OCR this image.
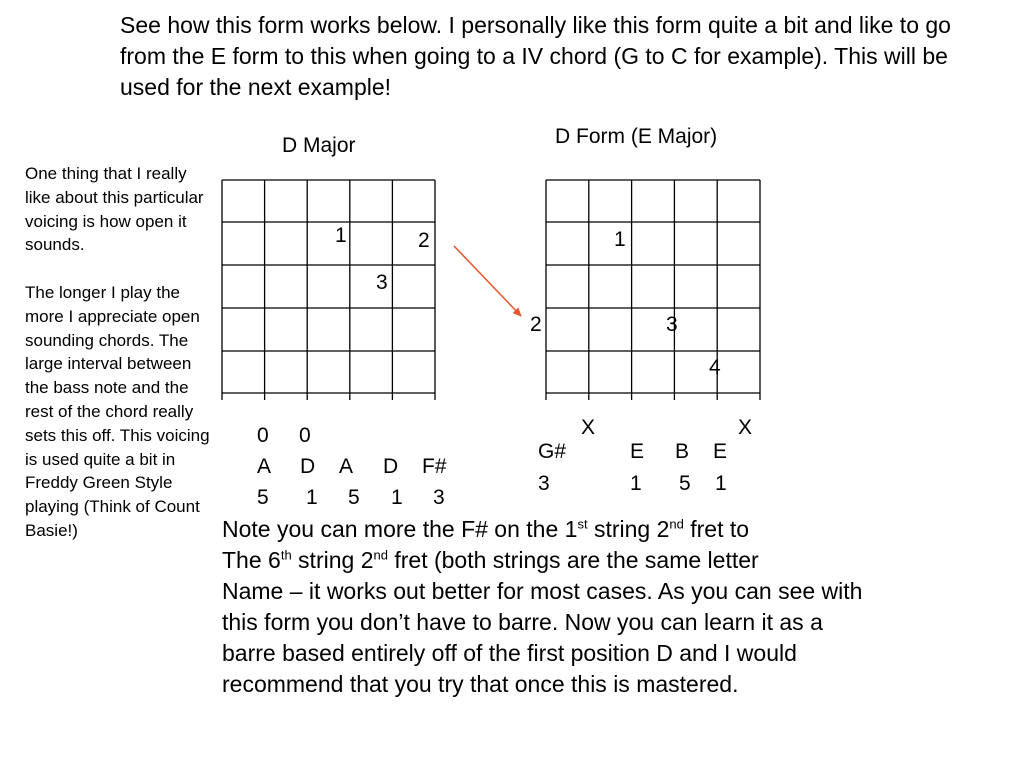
See how this form works below. I personally like this form quite a bit and like to go from the E form to this when going to a IV chord (G to C for example). This will be used for the next example!

One thing that I really like about this particular voicing is how open it sounds.

The longer I play the more I appreciate open sounding chords. The large interval between the bass note and the rest of the chord really sets this off. This voicing is used quite a bit in Freddy Green Style playing (Think of Count Basie!)

D Major
1	2
3
0 0
A D A D F#
5 1 5 1 3
D Form (E Major)
1
2	3
4
X	X
G#	E B E
3	1 5 1
Note you can more the F# on the 1st string 2nd fret to
The 6th string 2nd fret (both strings are the same letter
Name – it works out better for most cases. As you can see with this form you don’t have to barre. Now you can learn it as a barre based entirely off of the first position D and I would recommend that you try that once this is mastered.
